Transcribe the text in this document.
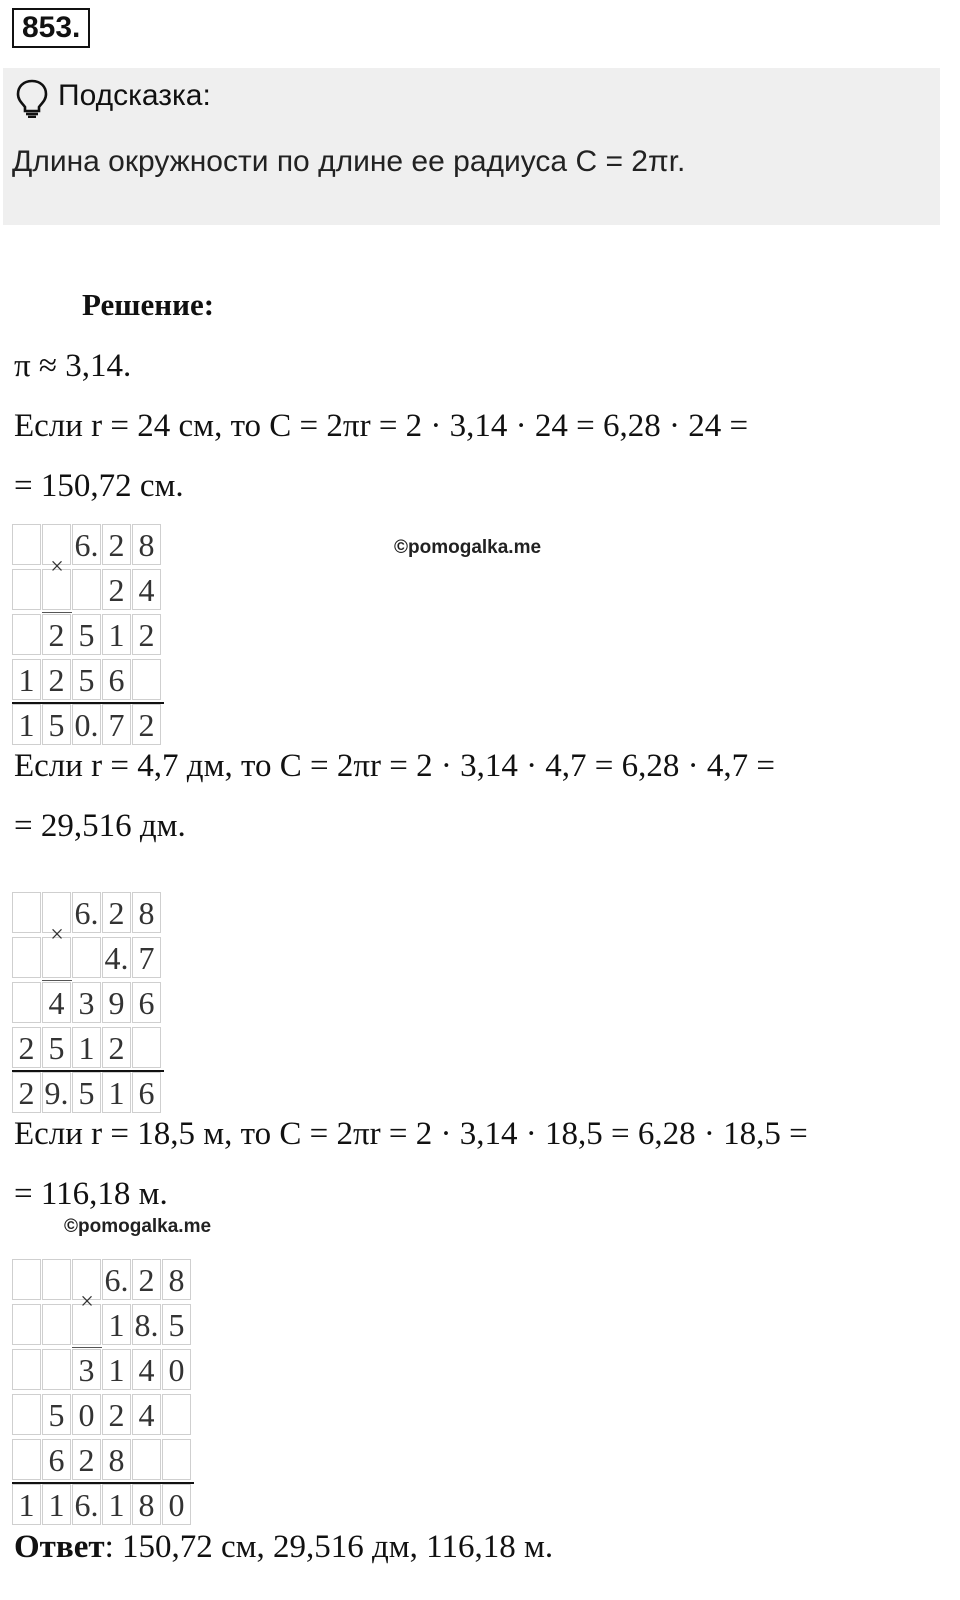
853.
Подсказка:
Длина окружности по длине ее радиуса C = 2πr.
Решение:
π ≈ 3,14.
Если r = 24 см, то C = 2πr = 2 · 3,14 · 24 = 6,28 · 24 =
= 150,72 см.
©pomogalka.me
6. 2 8
2 4
2 5 1 2
1 2 5 6
1 5 0. 7 2
×
Если r = 4,7 дм, то C = 2πr = 2 · 3,14 · 4,7 = 6,28 · 4,7 =
= 29,516 дм.
6. 2 8
4. 7
4 3 9 6
2 5 1 2
2 9. 5 1 6
×
Если r = 18,5 м, то C = 2πr = 2 · 3,14 · 18,5 = 6,28 · 18,5 =
= 116,18 м.
©pomogalka.me
6. 2 8
1 8. 5
3 1 4 0
5 0 2 4
6 2 8
1 1 6. 1 8 0
×
Ответ: 150,72 см, 29,516 дм, 116,18 м.
